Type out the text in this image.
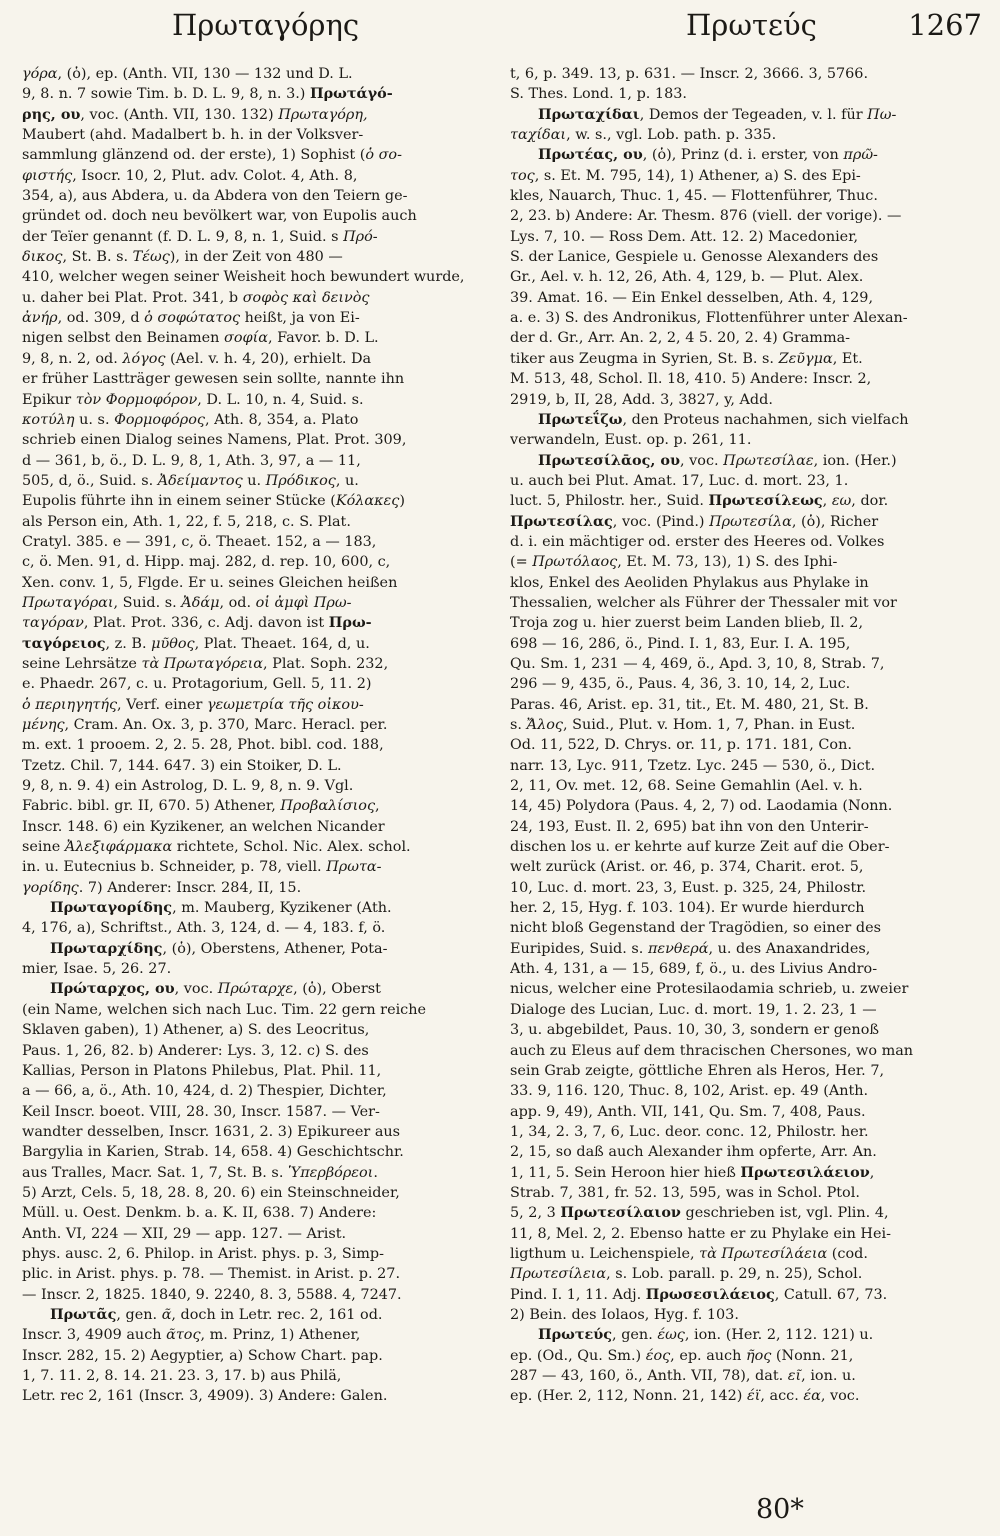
Πρωταγόρης	Πρωτεύς	1267
γόρα, (ὁ), ep. (Anth. VII, 130 — 132 und D. L.
9, 8. n. 7 sowie Tim. b. D. L. 9, 8, n. 3.) Πρωτάγό-
ρης, ου, voc. (Anth. VII, 130. 132) Πρωταγόρη,
Maubert (ahd. Madalbert b. h. in der Volksver-
sammlung glänzend od. der erste), 1) Sophist (ὁ σο-
φιστής, Isocr. 10, 2, Plut. adv. Colot. 4, Ath. 8,
354, a), aus Abdera, u. da Abdera von den Teiern ge-
gründet od. doch neu bevölkert war, von Eupolis auch
der Teïer genannt (f. D. L. 9, 8, n. 1, Suid. s Πρό-
δικος, St. B. s. Τέως), in der Zeit von 480 —
410, welcher wegen seiner Weisheit hoch bewundert wurde,
u. daher bei Plat. Prot. 341, b σοφὸς καὶ δεινὸς
ἀνήρ, od. 309, d ὁ σοφώτατος heißt, ja von Ei-
nigen selbst den Beinamen σοφία, Favor. b. D. L.
9, 8, n. 2, od. λόγος (Ael. v. h. 4, 20), erhielt. Da
er früher Lastträger gewesen sein sollte, nannte ihn
Epikur τὸν Φορμοφόρον, D. L. 10, n. 4, Suid. s.
κοτύλη u. s. Φορμοφόρος, Ath. 8, 354, a. Plato
schrieb einen Dialog seines Namens, Plat. Prot. 309,
d — 361, b, ö., D. L. 9, 8, 1, Ath. 3, 97, a — 11,
505, d, ö., Suid. s. Ἀδείμαντος u. Πρόδικος, u.
Eupolis führte ihn in einem seiner Stücke (Κόλακες)
als Person ein, Ath. 1, 22, f. 5, 218, c. S. Plat.
Cratyl. 385. e — 391, c, ö. Theaet. 152, a — 183,
c, ö. Men. 91, d. Hipp. maj. 282, d. rep. 10, 600, c,
Xen. conv. 1, 5, Flgde. Er u. seines Gleichen heißen
Πρωταγόραι, Suid. s. Ἀδάμ, od. οἱ ἀμφὶ Πρω-
ταγόραν, Plat. Prot. 336, c. Adj. davon ist Πρω-
ταγόρειος, z. B. μῦθος, Plat. Theaet. 164, d, u.
seine Lehrsätze τὰ Πρωταγόρεια, Plat. Soph. 232,
e. Phaedr. 267, c. u. Protagorium, Gell. 5, 11. 2)
ὁ περιηγητής, Verf. einer γεωμετρία τῆς οἰκου-
μένης, Cram. An. Ox. 3, p. 370, Marc. Heracl. per.
m. ext. 1 prooem. 2, 2. 5. 28, Phot. bibl. cod. 188,
Tzetz. Chil. 7, 144. 647. 3) ein Stoiker, D. L.
9, 8, n. 9. 4) ein Astrolog, D. L. 9, 8, n. 9. Vgl.
Fabric. bibl. gr. II, 670. 5) Athener, Προβαλίσιος,
Inscr. 148. 6) ein Kyzikener, an welchen Nicander
seine Ἀλεξιφάρμακα richtete, Schol. Nic. Alex. schol.
in. u. Eutecnius b. Schneider, p. 78, viell. Πρωτα-
γορίδης. 7) Anderer: Inscr. 284, II, 15.
Πρωταγορίδης, m. Mauberg, Kyzikener (Ath.
4, 176, a), Schriftst., Ath. 3, 124, d. — 4, 183. f, ö.
Πρωταρχίδης, (ὁ), Oberstens, Athener, Pota-
mier, Isae. 5, 26. 27.
Πρώταρχος, ου, voc. Πρώταρχε, (ὁ), Oberst
(ein Name, welchen sich nach Luc. Tim. 22 gern reiche
Sklaven gaben), 1) Athener, a) S. des Leocritus,
Paus. 1, 26, 82. b) Anderer: Lys. 3, 12. c) S. des
Kallias, Person in Platons Philebus, Plat. Phil. 11,
a — 66, a, ö., Ath. 10, 424, d. 2) Thespier, Dichter,
Keil Inscr. boeot. VIII, 28. 30, Inscr. 1587. — Ver-
wandter desselben, Inscr. 1631, 2. 3) Epikureer aus
Bargylia in Karien, Strab. 14, 658. 4) Geschichtschr.
aus Tralles, Macr. Sat. 1, 7, St. B. s. Ὑπερβόρεοι.
5) Arzt, Cels. 5, 18, 28. 8, 20. 6) ein Steinschneider,
Müll. u. Oest. Denkm. b. a. K. II, 638. 7) Andere:
Anth. VI, 224 — XII, 29 — app. 127. — Arist.
phys. ausc. 2, 6. Philop. in Arist. phys. p. 3, Simp-
plic. in Arist. phys. p. 78. — Themist. in Arist. p. 27.
— Inscr. 2, 1825. 1840, 9. 2240, 8. 3, 5588. 4, 7247.
Πρωτᾶς, gen. ᾶ, doch in Letr. rec. 2, 161 od.
Inscr. 3, 4909 auch ᾶτος, m. Prinz, 1) Athener,
Inscr. 282, 15. 2) Aegyptier, a) Schow Chart. pap.
1, 7. 11. 2, 8. 14. 21. 23. 3, 17. b) aus Philä,
Letr. rec 2, 161 (Inscr. 3, 4909). 3) Andere: Galen.
t, 6, p. 349. 13, p. 631. — Inscr. 2, 3666. 3, 5766.
S. Thes. Lond. 1, p. 183.
Πρωταχίδαι, Demos der Tegeaden, v. l. für Πω-
ταχίδαι, w. s., vgl. Lob. path. p. 335.
Πρωτέας, ου, (ὁ), Prinz (d. i. erster, von πρῶ-
τος, s. Et. M. 795, 14), 1) Athener, a) S. des Epi-
kles, Nauarch, Thuc. 1, 45. — Flottenführer, Thuc.
2, 23. b) Andere: Ar. Thesm. 876 (viell. der vorige). —
Lys. 7, 10. — Ross Dem. Att. 12. 2) Macedonier,
S. der Lanice, Gespiele u. Genosse Alexanders des
Gr., Ael. v. h. 12, 26, Ath. 4, 129, b. — Plut. Alex.
39. Amat. 16. — Ein Enkel desselben, Ath. 4, 129,
a. e. 3) S. des Andronikus, Flottenführer unter Alexan-
der d. Gr., Arr. An. 2, 2, 4 5. 20, 2. 4) Gramma-
tiker aus Zeugma in Syrien, St. B. s. Ζεῦγμα, Et.
M. 513, 48, Schol. Il. 18, 410. 5) Andere: Inscr. 2,
2919, b, II, 28, Add. 3, 3827, y, Add.
Πρωτεΐζω, den Proteus nachahmen, sich vielfach
verwandeln, Eust. op. p. 261, 11.
Πρωτεσίλᾱος, ου, voc. Πρωτεσίλαε, ion. (Her.)
u. auch bei Plut. Amat. 17, Luc. d. mort. 23, 1.
luct. 5, Philostr. her., Suid. Πρωτεσίλεως, εω, dor.
Πρωτεσίλας, voc. (Pind.) Πρωτεσίλα, (ὁ), Richer
d. i. ein mächtiger od. erster des Heeres od. Volkes
(= Πρωτόλαος, Et. M. 73, 13), 1) S. des Iphi-
klos, Enkel des Aeoliden Phylakus aus Phylake in
Thessalien, welcher als Führer der Thessaler mit vor
Troja zog u. hier zuerst beim Landen blieb, Il. 2,
698 — 16, 286, ö., Pind. I. 1, 83, Eur. I. A. 195,
Qu. Sm. 1, 231 — 4, 469, ö., Apd. 3, 10, 8, Strab. 7,
296 — 9, 435, ö., Paus. 4, 36, 3. 10, 14, 2, Luc.
Paras. 46, Arist. ep. 31, tit., Et. M. 480, 21, St. B.
s. Ἄλος, Suid., Plut. v. Hom. 1, 7, Phan. in Eust.
Od. 11, 522, D. Chrys. or. 11, p. 171. 181, Con.
narr. 13, Lyc. 911, Tzetz. Lyc. 245 — 530, ö., Dict.
2, 11, Ov. met. 12, 68. Seine Gemahlin (Ael. v. h.
14, 45) Polydora (Paus. 4, 2, 7) od. Laodamia (Nonn.
24, 193, Eust. Il. 2, 695) bat ihn von den Unterir-
dischen los u. er kehrte auf kurze Zeit auf die Ober-
welt zurück (Arist. or. 46, p. 374, Charit. erot. 5,
10, Luc. d. mort. 23, 3, Eust. p. 325, 24, Philostr.
her. 2, 15, Hyg. f. 103. 104). Er wurde hierdurch
nicht bloß Gegenstand der Tragödien, so einer des
Euripides, Suid. s. πενθερά, u. des Anaxandrides,
Ath. 4, 131, a — 15, 689, f, ö., u. des Livius Andro-
nicus, welcher eine Protesilaodamia schrieb, u. zweier
Dialoge des Lucian, Luc. d. mort. 19, 1. 2. 23, 1 —
3, u. abgebildet, Paus. 10, 30, 3, sondern er genoß
auch zu Eleus auf dem thracischen Chersones, wo man
sein Grab zeigte, göttliche Ehren als Heros, Her. 7,
33. 9, 116. 120, Thuc. 8, 102, Arist. ep. 49 (Anth.
app. 9, 49), Anth. VII, 141, Qu. Sm. 7, 408, Paus.
1, 34, 2. 3, 7, 6, Luc. deor. conc. 12, Philostr. her.
2, 15, so daß auch Alexander ihm opferte, Arr. An.
1, 11, 5. Sein Heroon hier hieß Πρωτεσιλάειον,
Strab. 7, 381, fr. 52. 13, 595, was in Schol. Ptol.
5, 2, 3 Πρωτεσίλαιον geschrieben ist, vgl. Plin. 4,
11, 8, Mel. 2, 2. Ebenso hatte er zu Phylake ein Hei-
ligthum u. Leichenspiele, τὰ Πρωτεσίλάεια (cod.
Πρωτεσίλεια, s. Lob. parall. p. 29, n. 25), Schol.
Pind. I. 1, 11. Adj. Πρωσεσιλάειος, Catull. 67, 73.
2) Bein. des Iolaos, Hyg. f. 103.
Πρωτεύς, gen. έως, ion. (Her. 2, 112. 121) u.
ep. (Od., Qu. Sm.) έος, ep. auch ῆος (Nonn. 21,
287 — 43, 160, ö., Anth. VII, 78), dat. εῖ, ion. u.
ep. (Her. 2, 112, Nonn. 21, 142) έϊ, acc. έα, voc.
80*
